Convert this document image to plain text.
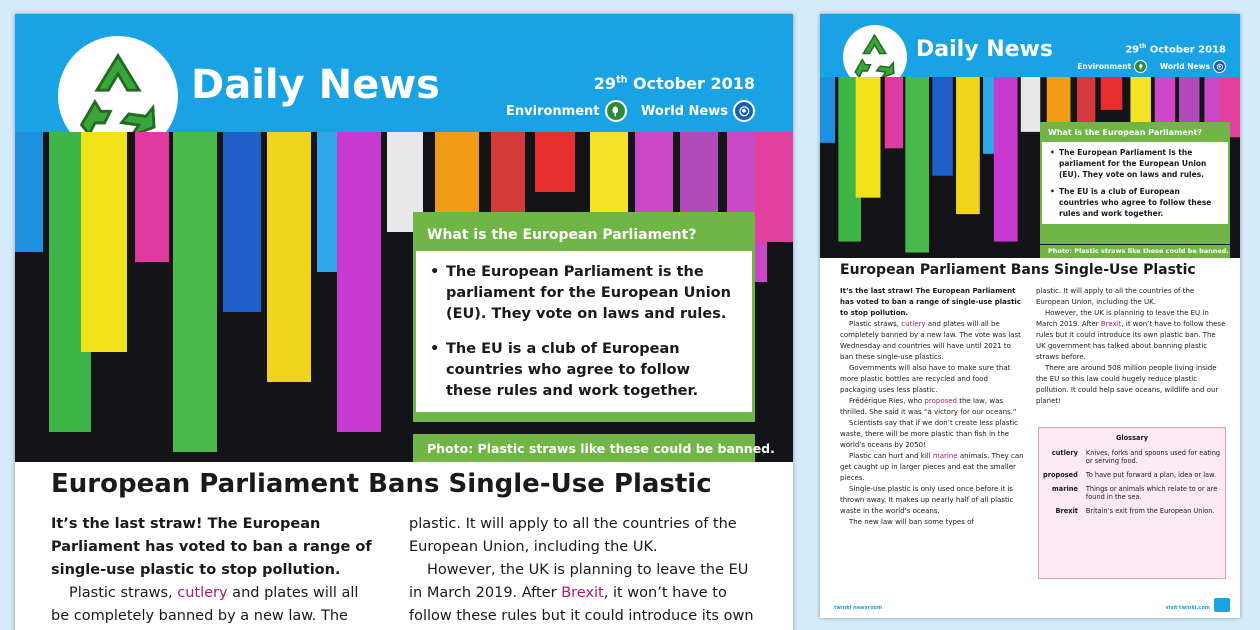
Daily News	29th October 2018
Environment
	World News
What is the European Parliament?
• The European Parliament is the parliament for the European Union (EU). They vote on laws and rules.
• The EU is a club of European countries who agree to follow these rules and work together.
Photo: Plastic straws like these could be banned.
European Parliament Bans Single-Use Plastic

It’s the last straw! The European Parliament has voted to ban a range of single-use plastic to stop pollution.

Plastic straws, cutlery and plates will all be completely banned by a new law. The

plastic. It will apply to all the countries of the European Union, including the UK.

However, the UK is planning to leave the EU in March 2019. After Brexit, it won’t have to follow these rules but it could introduce its own

Daily News	29th October 2018
Environment
	World News
What is the European Parliament?
• The European Parliament is the parliament for the European Union (EU). They vote on laws and rules.
• The EU is a club of European countries who agree to follow these rules and work together.
Photo: Plastic straws like these could be banned.
European Parliament Bans Single-Use Plastic

It’s the last straw! The European Parliament has voted to ban a range of single-use plastic to stop pollution.

Plastic straws, cutlery and plates will all be completely banned by a new law. The vote was last Wednesday and countries will have until 2021 to ban these single-use plastics.

Governments will also have to make sure that more plastic bottles are recycled and food packaging uses less plastic.

Frédérique Ries, who proposed the law, was thrilled. She said it was “a victory for our oceans.”

Scientists say that if we don’t create less plastic waste, there will be more plastic than fish in the world’s oceans by 2050!

Plastic can hurt and kill marine animals. They can get caught up in larger pieces and eat the smaller pieces.

Single-use plastic is only used once before it is thrown away. It makes up nearly half of all plastic waste in the world’s oceans.

The new law will ban some types of

plastic. It will apply to all the countries of the European Union, including the UK.

However, the UK is planning to leave the EU in March 2019. After Brexit, it won’t have to follow these rules but it could introduce its own plastic ban. The UK government has talked about banning plastic straws before.

There are around 508 million people living inside the EU so this law could hugely reduce plastic pollution. It could help save oceans, wildlife and our planet!

Glossary
cutlery	Knives, forks and spoons used for eating or serving food.
proposed	To have put forward a plan, idea or law.
marine	Things or animals which relate to or are found in the sea.
Brexit	Britain’s exit from the European Union.
twinkl newsroom	visit twinkl.com
